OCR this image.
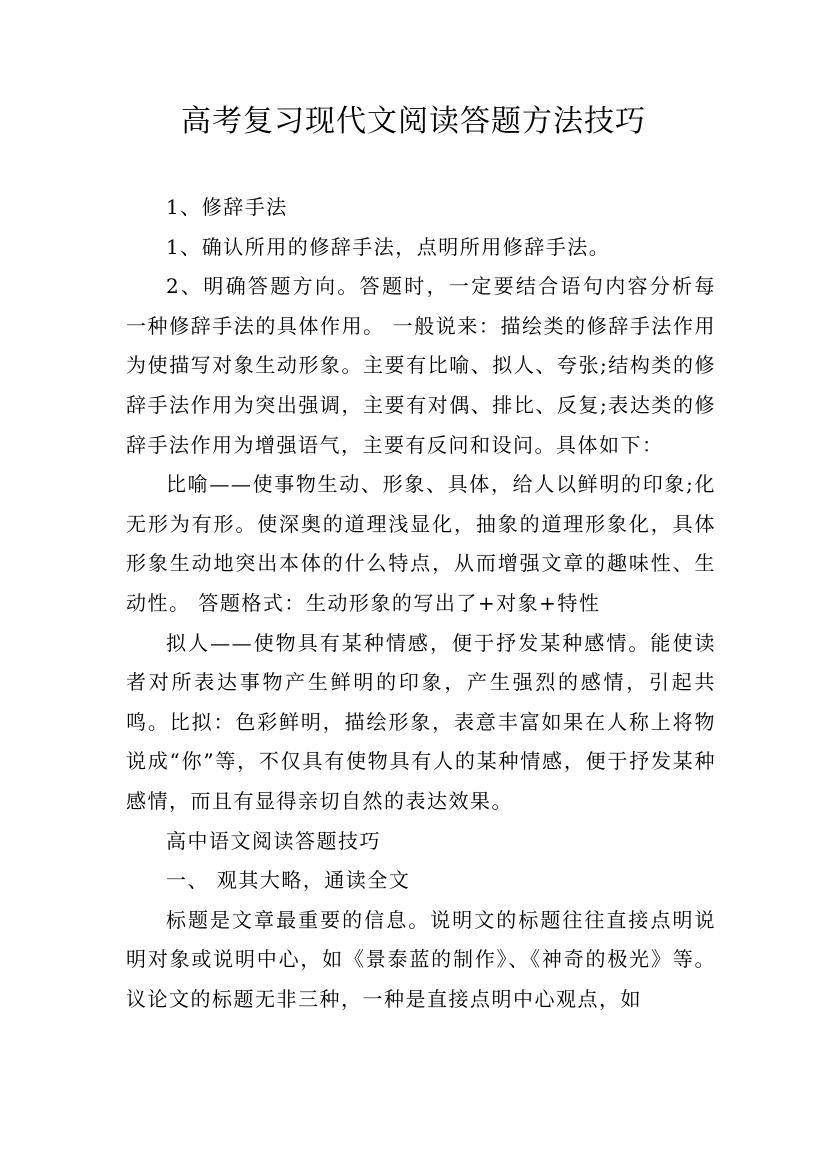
高考复习现代文阅读答题方法技巧

1、修辞手法

1、确认所用的修辞手法，点明所用修辞手法。

2、明确答题方向。答题时，一定要结合语句内容分析每一种修辞手法的具体作用。 一般说来：描绘类的修辞手法作用为使描写对象生动形象。主要有比喻、拟人、夸张;结构类的修辞手法作用为突出强调，主要有对偶、排比、反复;表达类的修辞手法作用为增强语气，主要有反问和设问。具体如下：

比喻——使事物生动、形象、具体，给人以鲜明的印象;化无形为有形。使深奥的道理浅显化，抽象的道理形象化，具体形象生动地突出本体的什么特点，从而增强文章的趣味性、生动性。 答题格式：生动形象的写出了+对象+特性

拟人——使物具有某种情感，便于抒发某种感情。能使读者对所表达事物产生鲜明的印象，产生强烈的感情，引起共鸣。比拟：色彩鲜明，描绘形象，表意丰富如果在人称上将物说成“你”等，不仅具有使物具有人的某种情感，便于抒发某种感情，而且有显得亲切自然的表达效果。

高中语文阅读答题技巧

一、 观其大略，通读全文

标题是文章最重要的信息。说明文的标题往往直接点明说明对象或说明中心，如《景泰蓝的制作》、《神奇的极光》等。议论文的标题无非三种，一种是直接点明中心观点，如
